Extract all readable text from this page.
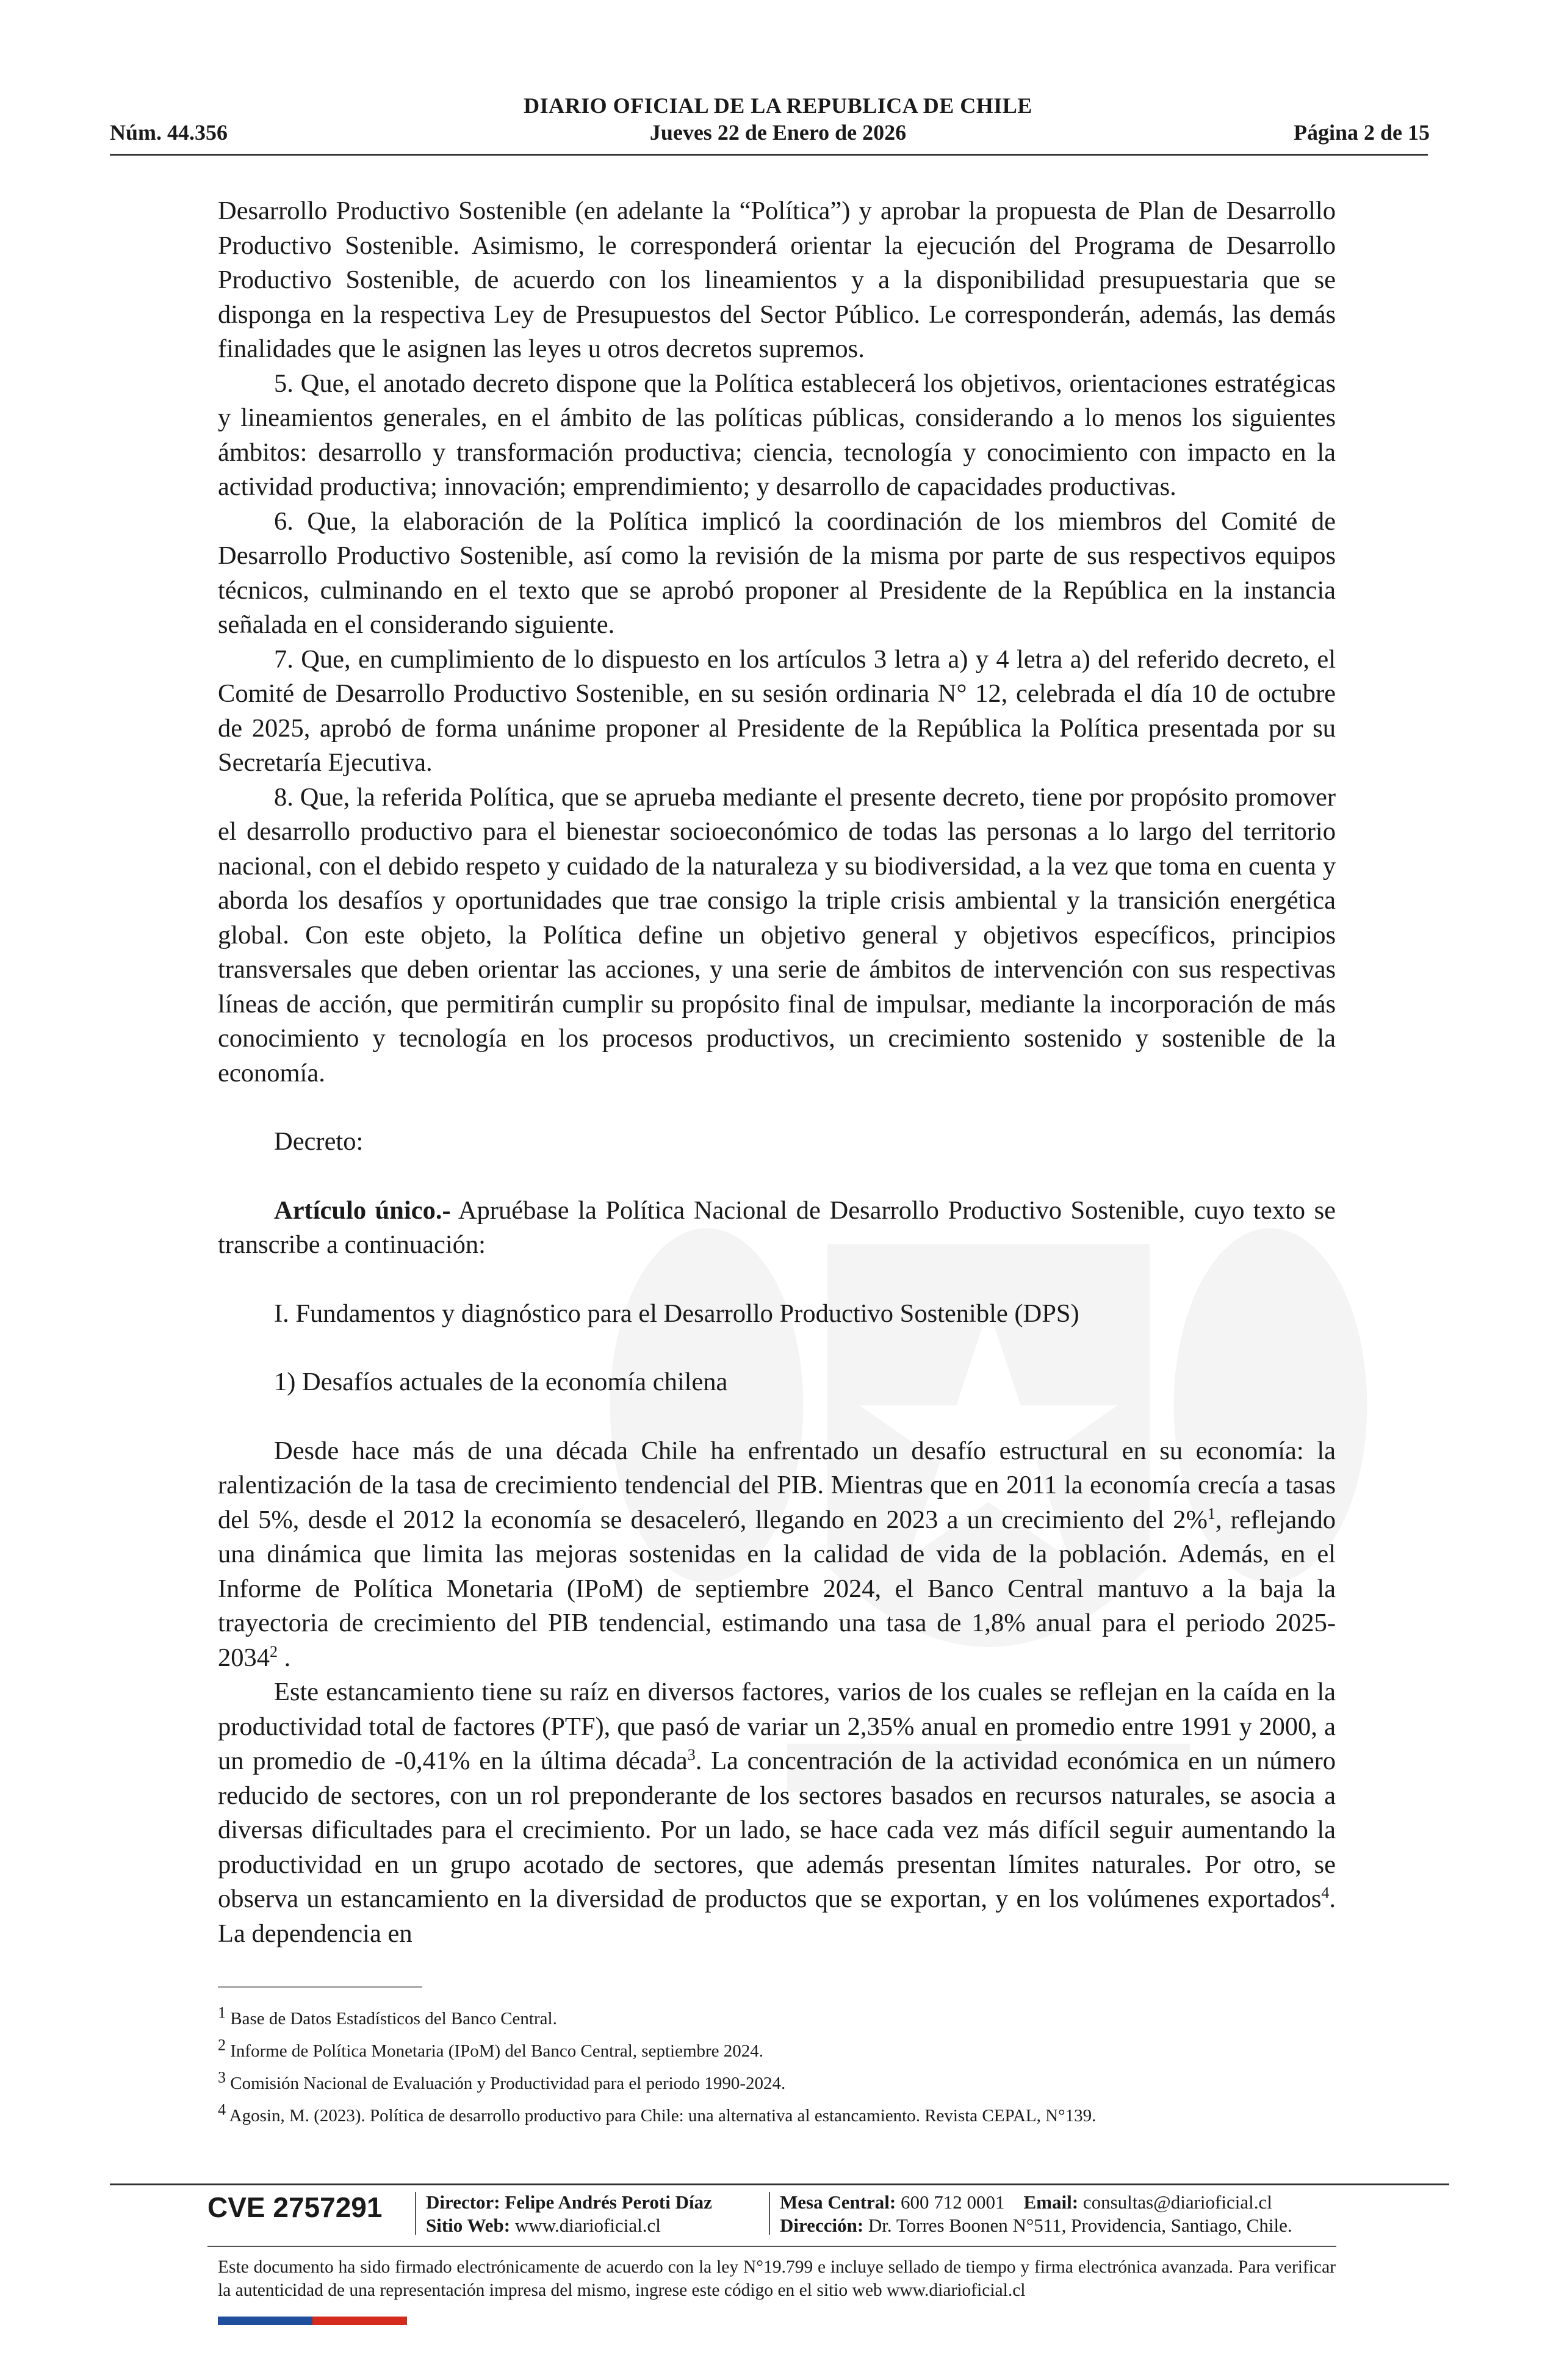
DIARIO OFICIAL DE LA REPUBLICA DE CHILE
Núm. 44.356	Jueves 22 de Enero de 2026	Página 2 de 15

Desarrollo Productivo Sostenible (en adelante la “Política”) y aprobar la propuesta de Plan de Desarrollo Productivo Sostenible. Asimismo, le corresponderá orientar la ejecución del Programa de Desarrollo Productivo Sostenible, de acuerdo con los lineamientos y a la disponibilidad presupuestaria que se disponga en la respectiva Ley de Presupuestos del Sector Público. Le corresponderán, además, las demás finalidades que le asignen las leyes u otros decretos supremos.

5. Que, el anotado decreto dispone que la Política establecerá los objetivos, orientaciones estratégicas y lineamientos generales, en el ámbito de las políticas públicas, considerando a lo menos los siguientes ámbitos: desarrollo y transformación productiva; ciencia, tecnología y conocimiento con impacto en la actividad productiva; innovación; emprendimiento; y desarrollo de capacidades productivas.

6. Que, la elaboración de la Política implicó la coordinación de los miembros del Comité de Desarrollo Productivo Sostenible, así como la revisión de la misma por parte de sus respectivos equipos técnicos, culminando en el texto que se aprobó proponer al Presidente de la República en la instancia señalada en el considerando siguiente.

7. Que, en cumplimiento de lo dispuesto en los artículos 3 letra a) y 4 letra a) del referido decreto, el Comité de Desarrollo Productivo Sostenible, en su sesión ordinaria N° 12, celebrada el día 10 de octubre de 2025, aprobó de forma unánime proponer al Presidente de la República la Política presentada por su Secretaría Ejecutiva.

8. Que, la referida Política, que se aprueba mediante el presente decreto, tiene por propósito promover el desarrollo productivo para el bienestar socioeconómico de todas las personas a lo largo del territorio nacional, con el debido respeto y cuidado de la naturaleza y su biodiversidad, a la vez que toma en cuenta y aborda los desafíos y oportunidades que trae consigo la triple crisis ambiental y la transición energética global. Con este objeto, la Política define un objetivo general y objetivos específicos, principios transversales que deben orientar las acciones, y una serie de ámbitos de intervención con sus respectivas líneas de acción, que permitirán cumplir su propósito final de impulsar, mediante la incorporación de más conocimiento y tecnología en los procesos productivos, un crecimiento sostenido y sostenible de la economía.

Decreto:

Artículo único.- Apruébase la Política Nacional de Desarrollo Productivo Sostenible, cuyo texto se transcribe a continuación:

I. Fundamentos y diagnóstico para el Desarrollo Productivo Sostenible (DPS)

1) Desafíos actuales de la economía chilena

Desde hace más de una década Chile ha enfrentado un desafío estructural en su economía: la ralentización de la tasa de crecimiento tendencial del PIB. Mientras que en 2011 la economía crecía a tasas del 5%, desde el 2012 la economía se desaceleró, llegando en 2023 a un crecimiento del 2%$^1$, reflejando una dinámica que limita las mejoras sostenidas en la calidad de vida de la población. Además, en el Informe de Política Monetaria (IPoM) de septiembre 2024, el Banco Central mantuvo a la baja la trayectoria de crecimiento del PIB tendencial, estimando una tasa de 1,8% anual para el periodo 2025-2034$^2$ .

Este estancamiento tiene su raíz en diversos factores, varios de los cuales se reflejan en la caída en la productividad total de factores (PTF), que pasó de variar un 2,35% anual en promedio entre 1991 y 2000, a un promedio de -0,41% en la última década$^3$. La concentración de la actividad económica en un número reducido de sectores, con un rol preponderante de los sectores basados en recursos naturales, se asocia a diversas dificultades para el crecimiento. Por un lado, se hace cada vez más difícil seguir aumentando la productividad en un grupo acotado de sectores, que además presentan límites naturales. Por otro, se observa un estancamiento en la diversidad de productos que se exportan, y en los volúmenes exportados$^4$. La dependencia en

$^1$ Base de Datos Estadísticos del Banco Central.
$^2$ Informe de Política Monetaria (IPoM) del Banco Central, septiembre 2024.
$^3$ Comisión Nacional de Evaluación y Productividad para el periodo 1990-2024.
$^4$ Agosin, M. (2023). Política de desarrollo productivo para Chile: una alternativa al estancamiento. Revista CEPAL, N°139.
CVE 2757291 Director: Felipe Andrés Peroti Díaz
Sitio Web: www.diarioficial.cl
Mesa Central: 600 712 0001 Email: consultas@diarioficial.cl
Dirección: Dr. Torres Boonen N°511, Providencia, Santiago, Chile.
Este documento ha sido firmado electrónicamente de acuerdo con la ley N°19.799 e incluye sellado de tiempo y firma electrónica avanzada. Para verificar la autenticidad de una representación impresa del mismo, ingrese este código en el sitio web www.diarioficial.cl
